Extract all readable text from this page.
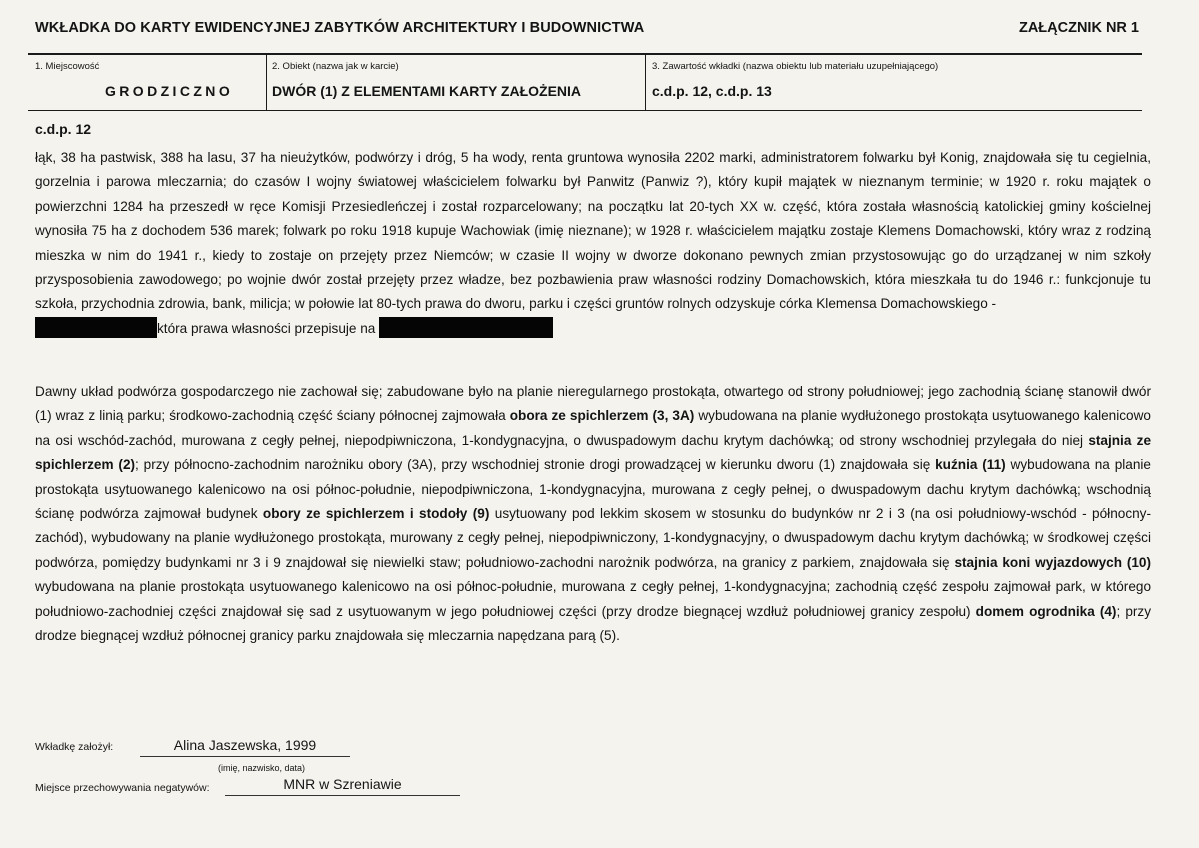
WKŁADKA DO KARTY EWIDENCYJNEJ ZABYTKÓW ARCHITEKTURY I BUDOWNICTWA	ZAŁĄCZNIK NR 1
1. Miejscowość
GRODZICZNO
2. Obiekt (nazwa jak w karcie)
DWÓR (1) Z ELEMENTAMI KARTY ZAŁOŻENIA
3. Zawartość wkładki (nazwa obiektu lub materiału uzupełniającego)
c.d.p. 12, c.d.p. 13
c.d.p. 12
łąk, 38 ha pastwisk, 388 ha lasu, 37 ha nieużytków, podwórzy i dróg, 5 ha wody, renta gruntowa wynosiła 2202 marki, administratorem folwarku był Konig, znajdowała się tu cegielnia, gorzelnia i parowa mleczarnia; do czasów I wojny światowej właścicielem folwarku był Panwitz (Panwiz ?), który kupił majątek w nieznanym terminie; w 1920 r. roku majątek o powierzchni 1284 ha przeszedł w ręce Komisji Przesiedleńczej i został rozparcelowany; na początku lat 20-tych XX w. część, która została własnością katolickiej gminy kościelnej wynosiła 75 ha z dochodem 536 marek; folwark po roku 1918 kupuje Wachowiak (imię nieznane); w 1928 r. właścicielem majątku zostaje Klemens Domachowski, który wraz z rodziną mieszka w nim do 1941 r., kiedy to zostaje on przejęty przez Niemców; w czasie II wojny w dworze dokonano pewnych zmian przystosowując go do urządzanej w nim szkoły przysposobienia zawodowego; po wojnie dwór został przejęty przez władze, bez pozbawienia praw własności rodziny Domachowskich, która mieszkała tu do 1946 r.: funkcjonuje tu szkoła, przychodnia zdrowia, bank, milicja; w połowie lat 80-tych prawa do dworu, parku i części gruntów rolnych odzyskuje córka Klemensa Domachowskiego -
która prawa własności przepisuje na
Dawny układ podwórza gospodarczego nie zachował się; zabudowane było na planie nieregularnego prostokąta, otwartego od strony południowej; jego zachodnią ścianę stanowił dwór (1) wraz z linią parku; środkowo-zachodnią część ściany północnej zajmowała obora ze spichlerzem (3, 3A) wybudowana na planie wydłużonego prostokąta usytuowanego kalenicowo na osi wschód-zachód, murowana z cegły pełnej, niepodpiwniczona, 1-kondygnacyjna, o dwuspadowym dachu krytym dachówką; od strony wschodniej przylegała do niej stajnia ze spichlerzem (2); przy północno-zachodnim narożniku obory (3A), przy wschodniej stronie drogi prowadzącej w kierunku dworu (1) znajdowała się kuźnia (11) wybudowana na planie prostokąta usytuowanego kalenicowo na osi północ-południe, niepodpiwniczona, 1-kondygnacyjna, murowana z cegły pełnej, o dwuspadowym dachu krytym dachówką; wschodnią ścianę podwórza zajmował budynek obory ze spichlerzem i stodoły (9) usytuowany pod lekkim skosem w stosunku do budynków nr 2 i 3 (na osi południowy-wschód - północny-zachód), wybudowany na planie wydłużonego prostokąta, murowany z cegły pełnej, niepodpiwniczony, 1-kondygnacyjny, o dwuspadowym dachu krytym dachówką; w środkowej części podwórza, pomiędzy budynkami nr 3 i 9 znajdował się niewielki staw; południowo-zachodni narożnik podwórza, na granicy z parkiem, znajdowała się stajnia koni wyjazdowych (10) wybudowana na planie prostokąta usytuowanego kalenicowo na osi północ-południe, murowana z cegły pełnej, 1-kondygnacyjna; zachodnią część zespołu zajmował park, w którego południowo-zachodniej części znajdował się sad z usytuowanym w jego południowej części (przy drodze biegnącej wzdłuż południowej granicy zespołu) domem ogrodnika (4); przy drodze biegnącej wzdłuż północnej granicy parku znajdowała się mleczarnia napędzana parą (5).
Wkładkę założył:	Alina Jaszewska, 1999
(imię, nazwisko, data)
Miejsce przechowywania negatywów:	MNR w Szreniawie
